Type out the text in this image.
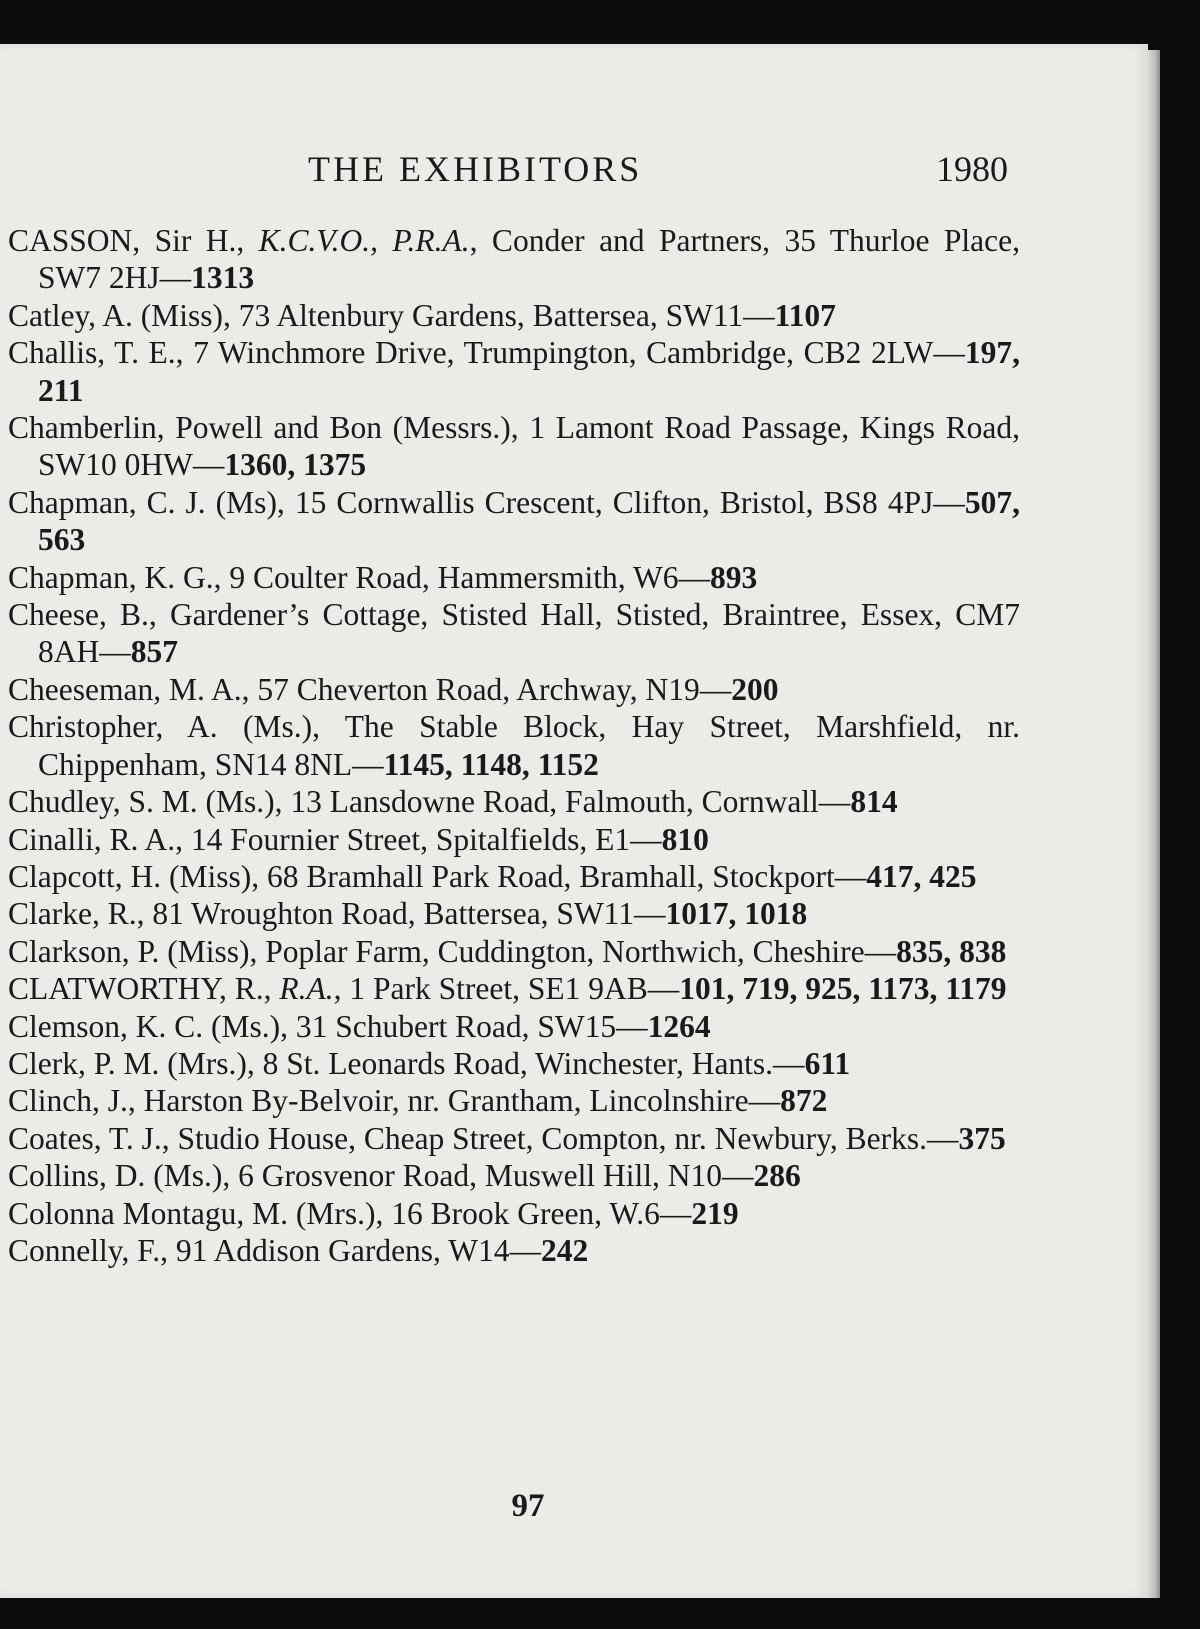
THE EXHIBITORS	1980
CASSON, Sir H., K.C.V.O., P.R.A., Conder and Partners, 35 Thurloe Place, SW7 2HJ—1313
Catley, A. (Miss), 73 Altenbury Gardens, Battersea, SW11—1107
Challis, T. E., 7 Winchmore Drive, Trumpington, Cambridge, CB2 2LW—197, 211
Chamberlin, Powell and Bon (Messrs.), 1 Lamont Road Passage, Kings Road, SW10 0HW—1360, 1375
Chapman, C. J. (Ms), 15 Cornwallis Crescent, Clifton, Bristol, BS8 4PJ—507, 563
Chapman, K. G., 9 Coulter Road, Hammersmith, W6—893
Cheese, B., Gardener’s Cottage, Stisted Hall, Stisted, Braintree, Essex, CM7 8AH—857
Cheeseman, M. A., 57 Cheverton Road, Archway, N19—200
Christopher, A. (Ms.), The Stable Block, Hay Street, Marshfield, nr. Chippenham, SN14 8NL—1145, 1148, 1152
Chudley, S. M. (Ms.), 13 Lansdowne Road, Falmouth, Cornwall—814
Cinalli, R. A., 14 Fournier Street, Spitalfields, E1—810
Clapcott, H. (Miss), 68 Bramhall Park Road, Bramhall, Stockport—417, 425
Clarke, R., 81 Wroughton Road, Battersea, SW11—1017, 1018
Clarkson, P. (Miss), Poplar Farm, Cuddington, Northwich, Cheshire—835, 838
CLATWORTHY, R., R.A., 1 Park Street, SE1 9AB—101, 719, 925, 1173, 1179
Clemson, K. C. (Ms.), 31 Schubert Road, SW15—1264
Clerk, P. M. (Mrs.), 8 St. Leonards Road, Winchester, Hants.—611
Clinch, J., Harston By-Belvoir, nr. Grantham, Lincolnshire—872
Coates, T. J., Studio House, Cheap Street, Compton, nr. Newbury, Berks.—375
Collins, D. (Ms.), 6 Grosvenor Road, Muswell Hill, N10—286
Colonna Montagu, M. (Mrs.), 16 Brook Green, W.6—219
Connelly, F., 91 Addison Gardens, W14—242
97
